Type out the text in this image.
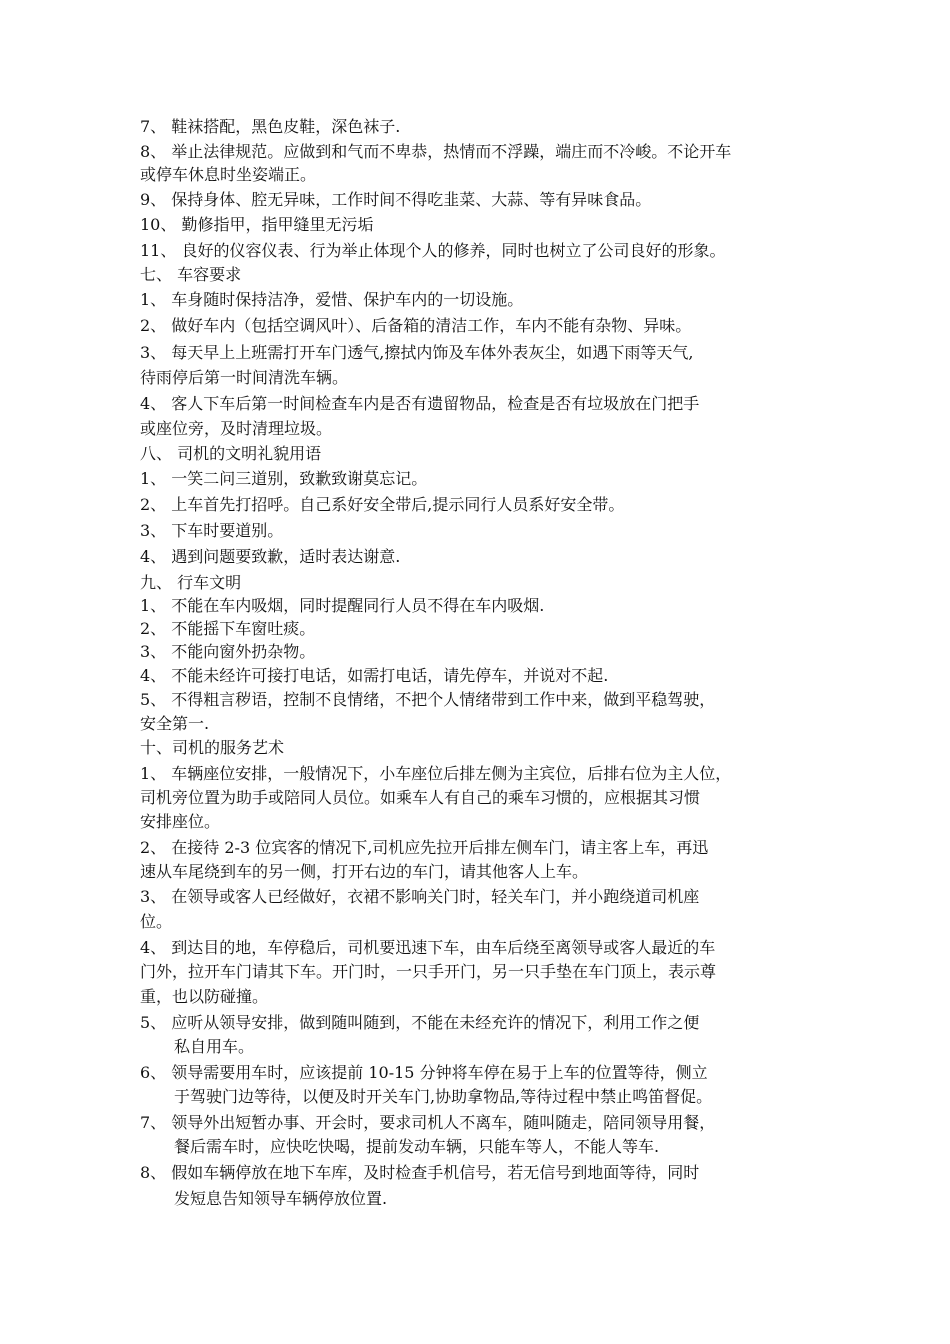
7、 鞋袜搭配，黑色皮鞋，深色袜子.
8、 举止法律规范。应做到和气而不卑恭，热情而不浮躁，端庄而不冷峻。不论开车
或停车休息时坐姿端正。
9、 保持身体、腔无异味，工作时间不得吃韭菜、大蒜、等有异味食品。
10、 勤修指甲，指甲缝里无污垢
11、 良好的仪容仪表、行为举止体现个人的修养，同时也树立了公司良好的形象。
七、 车容要求
1、 车身随时保持洁净，爱惜、保护车内的一切设施。
2、 做好车内（包括空调风叶）、后备箱的清洁工作，车内不能有杂物、异味。
3、 每天早上上班需打开车门透气,擦拭内饰及车体外表灰尘，如遇下雨等天气,
待雨停后第一时间清洗车辆。
4、 客人下车后第一时间检查车内是否有遗留物品，检查是否有垃圾放在门把手
或座位旁，及时清理垃圾。
八、 司机的文明礼貌用语
1、 一笑二问三道别，致歉致谢莫忘记。
2、 上车首先打招呼。自己系好安全带后,提示同行人员系好安全带。
3、 下车时要道别。
4、 遇到问题要致歉，适时表达谢意.
九、 行车文明
1、 不能在车内吸烟，同时提醒同行人员不得在车内吸烟.
2、 不能摇下车窗吐痰。
3、 不能向窗外扔杂物。
4、 不能未经许可接打电话，如需打电话，请先停车，并说对不起.
5、 不得粗言秽语，控制不良情绪，不把个人情绪带到工作中来，做到平稳驾驶，
安全第一.
十、司机的服务艺术
1、 车辆座位安排，一般情况下，小车座位后排左侧为主宾位，后排右位为主人位，
司机旁位置为助手或陪同人员位。如乘车人有自己的乘车习惯的，应根据其习惯
安排座位。
2、 在接待 2-3 位宾客的情况下,司机应先拉开后排左侧车门，请主客上车，再迅
速从车尾绕到车的另一侧，打开右边的车门，请其他客人上车。
3、 在领导或客人已经做好，衣裙不影响关门时，轻关车门，并小跑绕道司机座
位。
4、 到达目的地，车停稳后，司机要迅速下车，由车后绕至离领导或客人最近的车
门外，拉开车门请其下车。开门时，一只手开门，另一只手垫在车门顶上，表示尊
重，也以防碰撞。
5、 应听从领导安排，做到随叫随到，不能在未经充许的情况下，利用工作之便
私自用车。
6、 领导需要用车时，应该提前 10-15 分钟将车停在易于上车的位置等待，侧立
于驾驶门边等待，以便及时开关车门,协助拿物品,等待过程中禁止鸣笛督促。
7、 领导外出短暂办事、开会时，要求司机人不离车，随叫随走，陪同领导用餐，
餐后需车时，应快吃快喝，提前发动车辆，只能车等人，不能人等车.
8、 假如车辆停放在地下车库，及时检查手机信号，若无信号到地面等待，同时
发短息告知领导车辆停放位置.
